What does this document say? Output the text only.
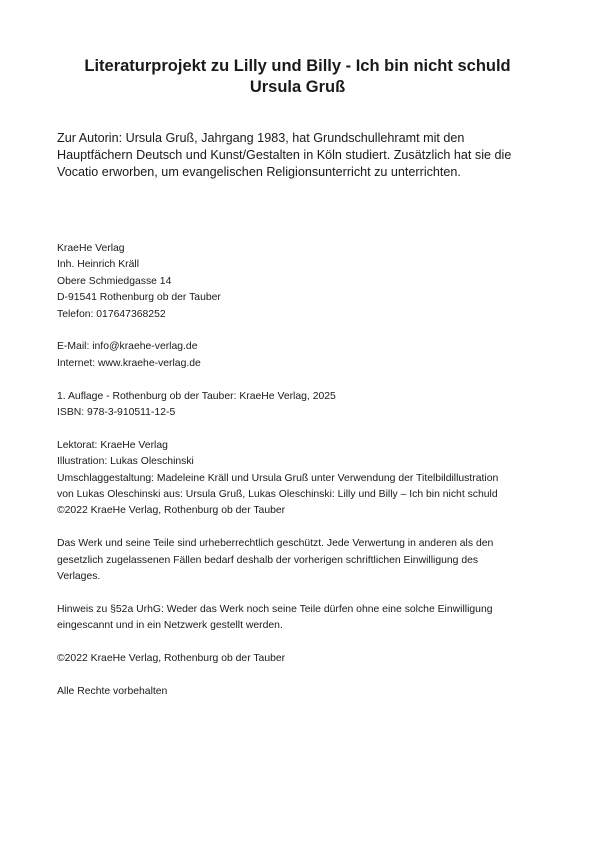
Literaturprojekt zu Lilly und Billy - Ich bin nicht schuld
Ursula Gruß
Zur Autorin: Ursula Gruß, Jahrgang 1983, hat Grundschullehramt mit den
Hauptfächern Deutsch und Kunst/Gestalten in Köln studiert. Zusätzlich hat sie die
Vocatio erworben, um evangelischen Religionsunterricht zu unterrichten.
KraeHe Verlag
Inh. Heinrich Kräll
Obere Schmiedgasse 14
D-91541 Rothenburg ob der Tauber
Telefon: 017647368252
E-Mail: info@kraehe-verlag.de
Internet: www.kraehe-verlag.de
1. Auflage - Rothenburg ob der Tauber: KraeHe Verlag, 2025
ISBN: 978-3-910511-12-5
Lektorat: KraeHe Verlag
Illustration: Lukas Oleschinski
Umschlaggestaltung: Madeleine Kräll und Ursula Gruß unter Verwendung der Titelbildillustration
von Lukas Oleschinski aus: Ursula Gruß, Lukas Oleschinski: Lilly und Billy – Ich bin nicht schuld
©2022 KraeHe Verlag, Rothenburg ob der Tauber
Das Werk und seine Teile sind urheberrechtlich geschützt. Jede Verwertung in anderen als den
gesetzlich zugelassenen Fällen bedarf deshalb der vorherigen schriftlichen Einwilligung des
Verlages.
Hinweis zu §52a UrhG: Weder das Werk noch seine Teile dürfen ohne eine solche Einwilligung
eingescannt und in ein Netzwerk gestellt werden.
©2022 KraeHe Verlag, Rothenburg ob der Tauber
Alle Rechte vorbehalten
